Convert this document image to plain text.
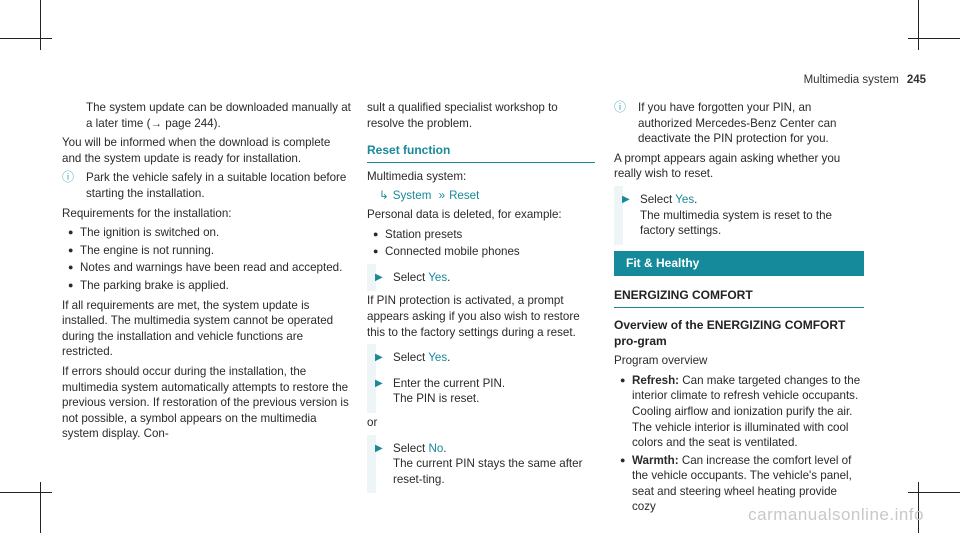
Multimedia system 245

The system update can be downloaded manually at a later time (→ page 244).

You will be informed when the download is complete and the system update is ready for installation.

ⓘ Park the vehicle safely in a suitable location before starting the installation.

Requirements for the installation:

● The ignition is switched on.
● The engine is not running.
● Notes and warnings have been read and accepted.
● The parking brake is applied.

If all requirements are met, the system update is installed. The multimedia system cannot be operated during the installation and vehicle functions are restricted.

If errors should occur during the installation, the multimedia system automatically attempts to restore the previous version. If restoration of the previous version is not possible, a symbol appears on the multimedia system display. Con-

sult a qualified specialist workshop to resolve the problem.

Reset function

Multimedia system:

↳ System » Reset

Personal data is deleted, for example:

● Station presets
● Connected mobile phones
▶ Select Yes.

If PIN protection is activated, a prompt appears asking if you also wish to restore this to the factory settings during a reset.

▶ Select Yes.
▶ Enter the current PIN.
The PIN is reset.

or

▶ Select No.
The current PIN stays the same after reset-ting.
ⓘ If you have forgotten your PIN, an authorized Mercedes-Benz Center can deactivate the PIN protection for you.

A prompt appears again asking whether you really wish to reset.

▶ Select Yes.
The multimedia system is reset to the factory settings.
Fit & Healthy
ENERGIZING COMFORT
Overview of the ENERGIZING COMFORT pro-gram

Program overview

● Refresh: Can make targeted changes to the interior climate to refresh vehicle occupants. Cooling airflow and ionization purify the air. The vehicle interior is illuminated with cool colors and the seat is ventilated.
● Warmth: Can increase the comfort level of the vehicle occupants. The vehicle's panel, seat and steering wheel heating provide cozy	carmanualsonline.info
